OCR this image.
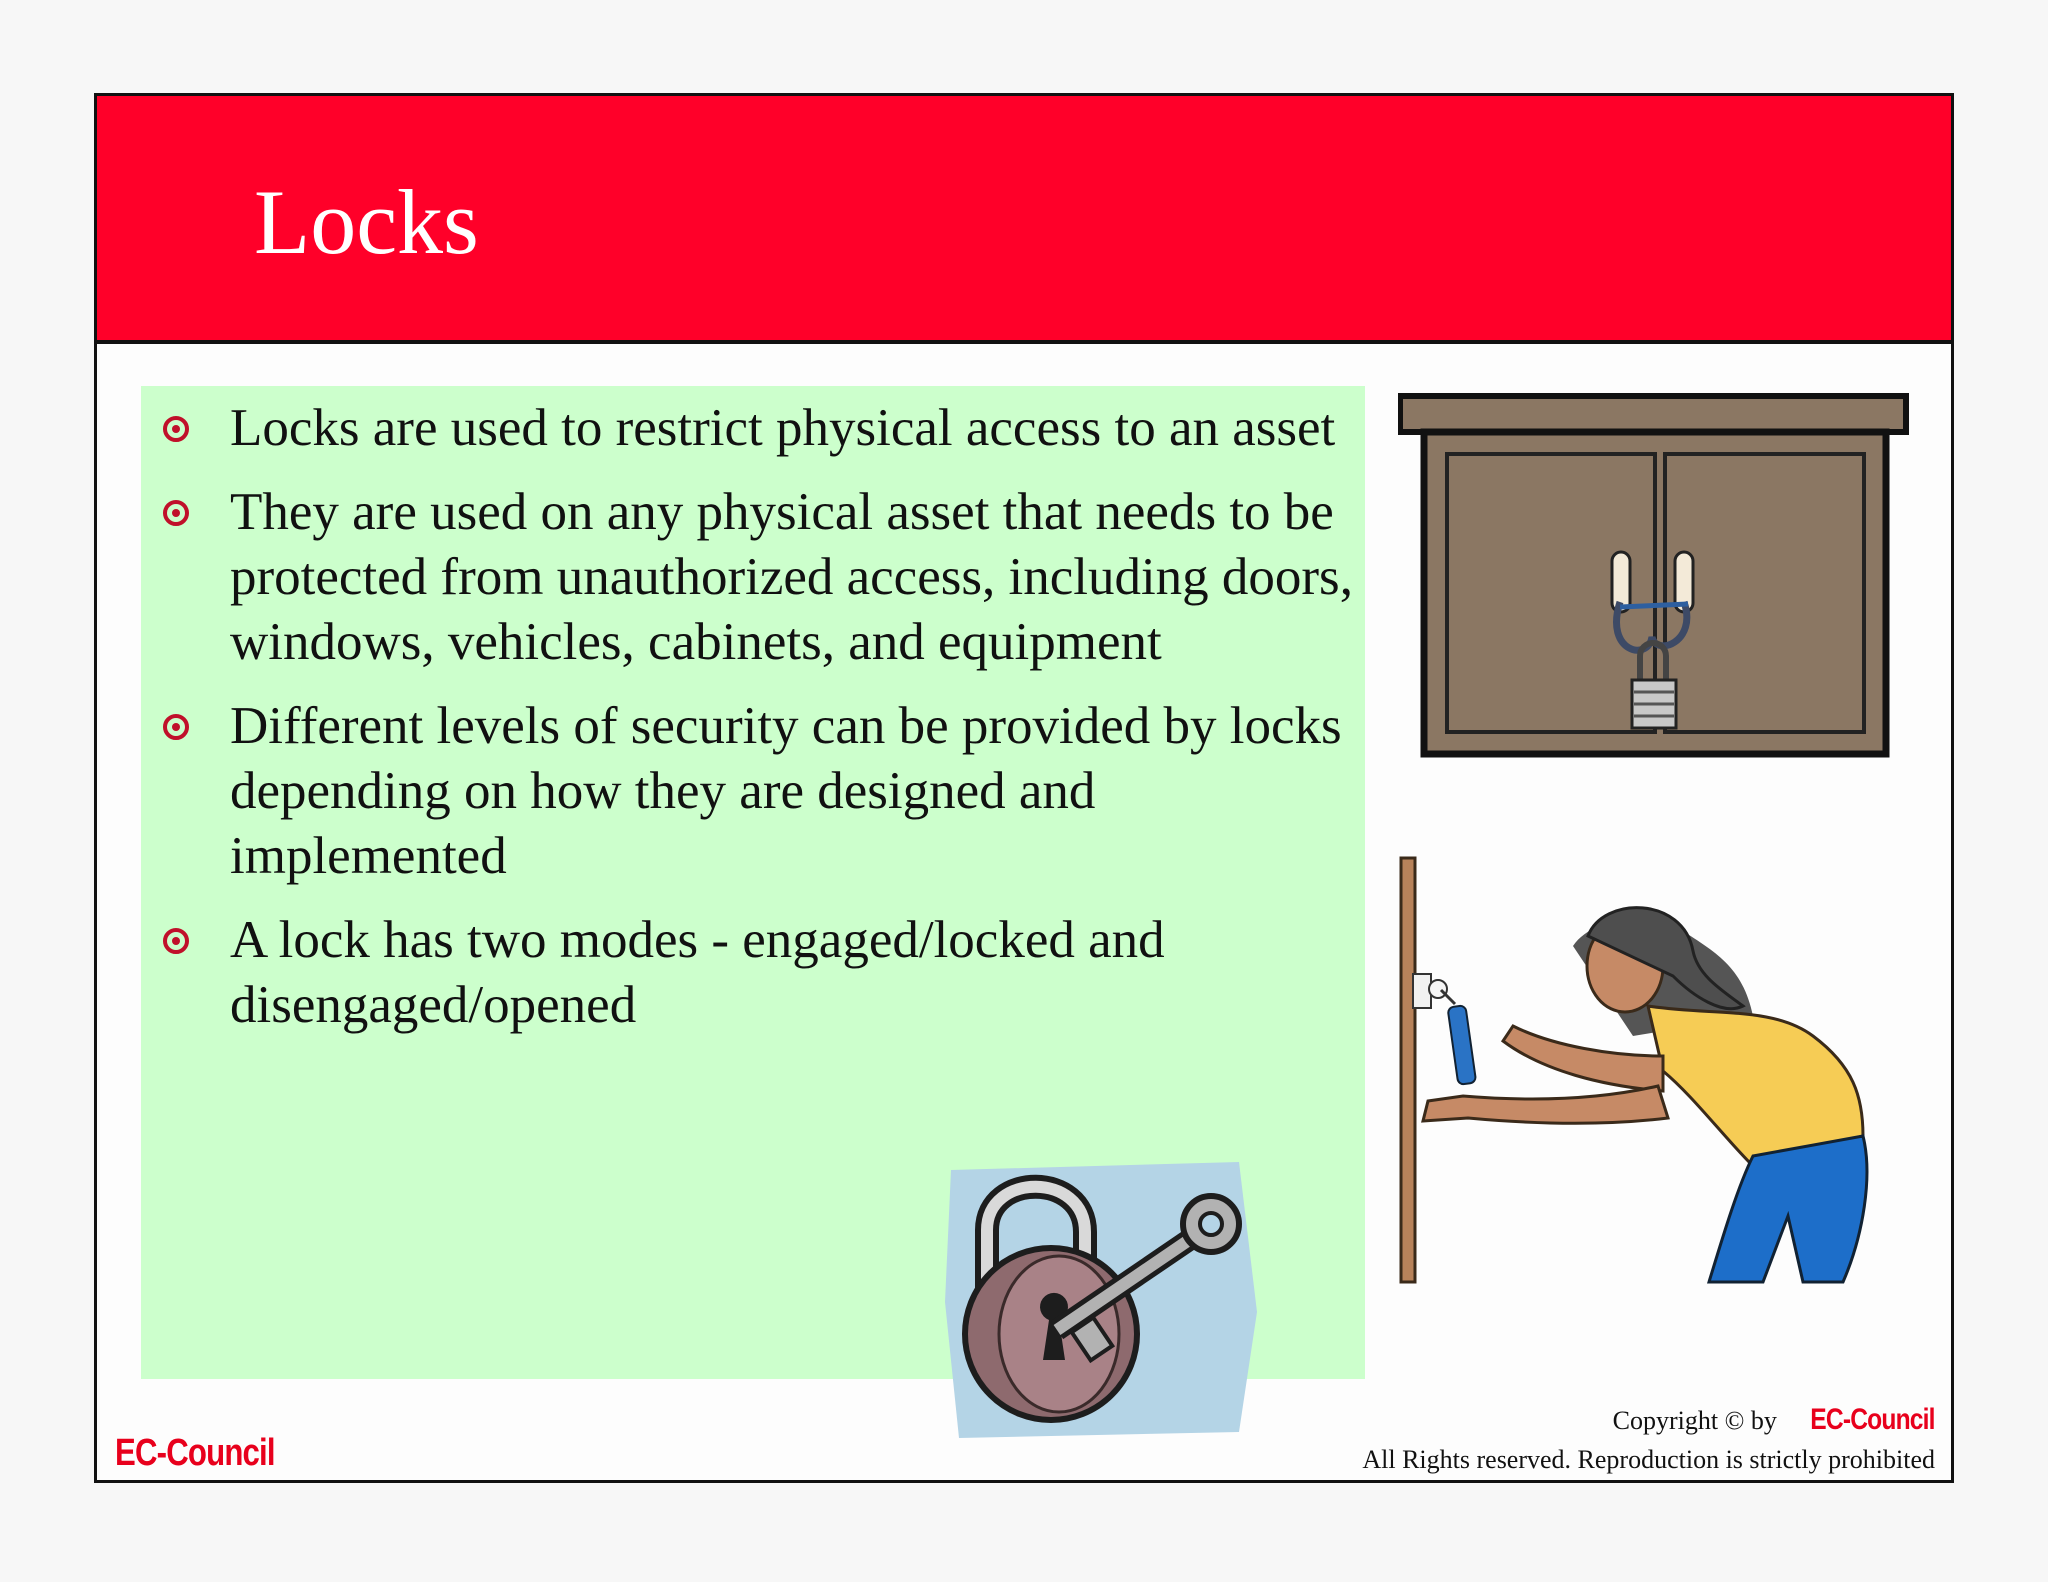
Locks
Locks are used to restrict physical access to an asset
They are used on any physical asset that needs to be protected from unauthorized access, including doors, windows, vehicles, cabinets, and equipment
Different levels of security can be provided by locks depending on how they are designed and implemented
A lock has two modes - engaged/locked and disengaged/opened
EC-Council
Copyright © by EC-Council
All Rights reserved. Reproduction is strictly prohibited
